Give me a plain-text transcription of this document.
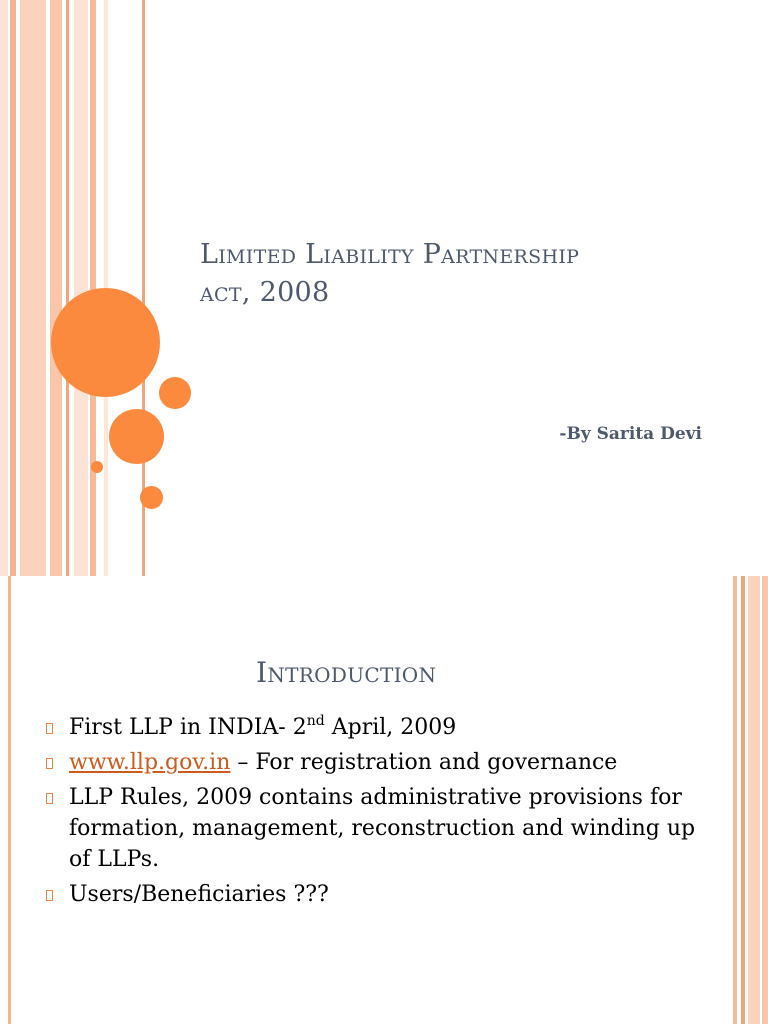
Limited Liability Partnership
act, 2008
-By Sarita Devi
Introduction
First LLP in INDIA- 2nd April, 2009
www.llp.gov.in – For registration and governance
LLP Rules, 2009 contains administrative provisions for formation, management, reconstruction and winding up of LLPs.
Users/Beneficiaries ???
